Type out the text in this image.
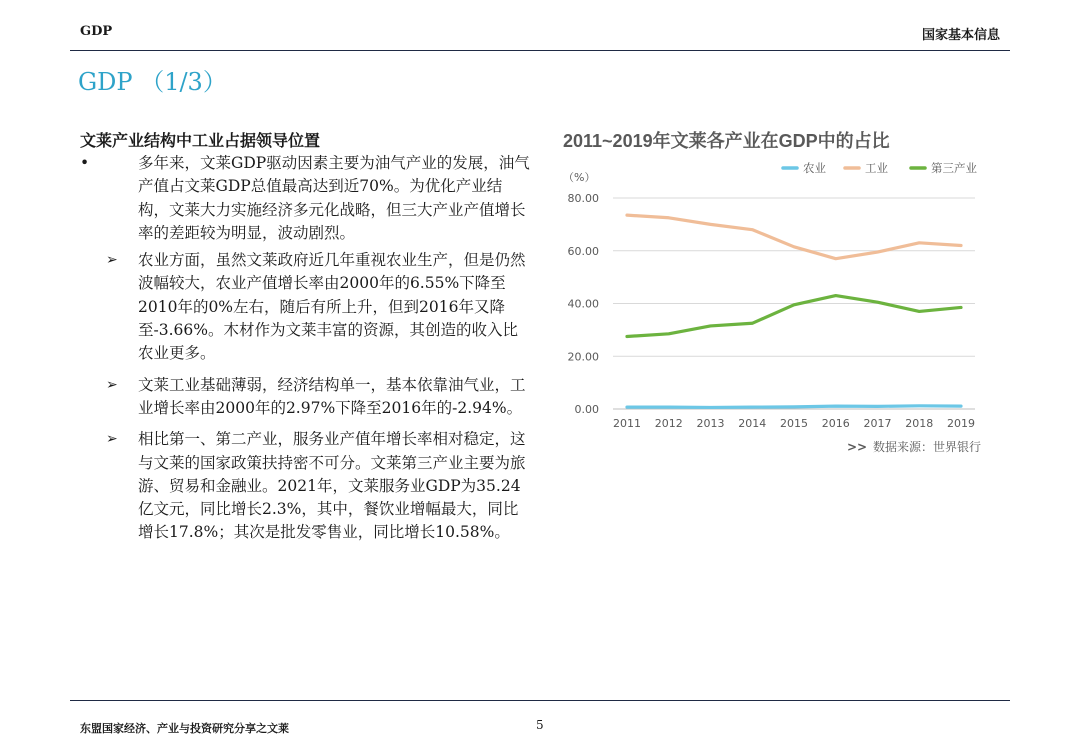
GDP	国家基本信息
GDP （1/3）
文莱产业结构中工业占据领导位置
•	多年来，文莱GDP驱动因素主要为油气产业的发展，油气产值占文莱GDP总值最高达到近70%。为优化产业结构，文莱大力实施经济多元化战略，但三大产业产值增长率的差距较为明显，波动剧烈。
➢ 农业方面，虽然文莱政府近几年重视农业生产，但是仍然波幅较大，农业产值增长率由2000年的6.55%下降至2010年的0%左右，随后有所上升，但到2016年又降至-3.66%。木材作为文莱丰富的资源，其创造的收入比农业更多。
➢ 文莱工业基础薄弱，经济结构单一，基本依靠油气业，工业增长率由2000年的2.97%下降至2016年的-2.94%。
➢ 相比第一、第二产业，服务业产值年增长率相对稳定，这与文莱的国家政策扶持密不可分。文莱第三产业主要为旅游、贸易和金融业。2021年，文莱服务业GDP为35.24亿文元，同比增长2.3%，其中，餐饮业增幅最大，同比增长17.8%；其次是批发零售业，同比增长10.58%。
2011~2019年文莱各产业在GDP中的占比
农业	工业	第三产业
（%）
0.00
20.00
40.00
60.00
80.00
2011 2012 2013 2014 2015 2016 2017 2018 2019
>> 数据来源：世界银行
东盟国家经济、产业与投资研究分享之文莱	5
